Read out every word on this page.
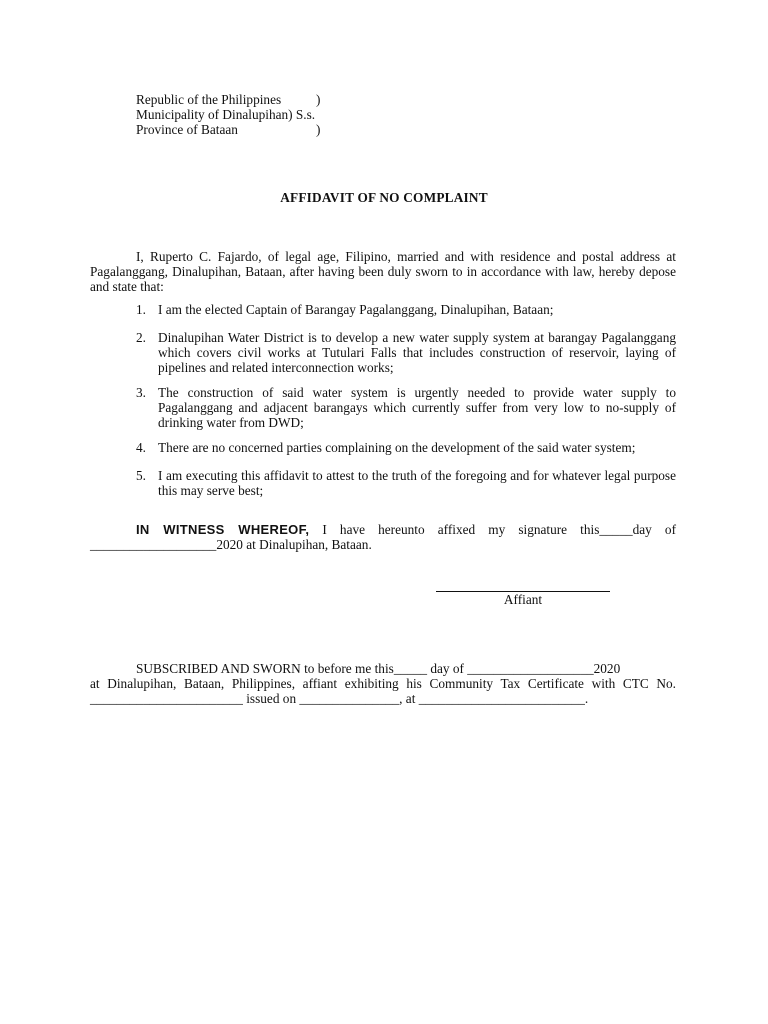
Republic of the Philippines	)
Municipality of Dinalupihan) S.s.
Province of Bataan	)
AFFIDAVIT OF NO COMPLAINT
I, Ruperto C. Fajardo, of legal age, Filipino, married and with residence and postal address at Pagalanggang, Dinalupihan, Bataan, after having been duly sworn to in accordance with law, hereby depose and state that:
1. I am the elected Captain of Barangay Pagalanggang, Dinalupihan, Bataan;
2. Dinalupihan Water District is to develop a new water supply system at barangay Pagalanggang which covers civil works at Tutulari Falls that includes construction of reservoir, laying of pipelines and related interconnection works;
3. The construction of said water system is urgently needed to provide water supply to Pagalanggang and adjacent barangays which currently suffer from very low to no-supply of drinking water from DWD;
4. There are no concerned parties complaining on the development of the said water system;
5. I am executing this affidavit to attest to the truth of the foregoing and for whatever legal purpose this may serve best;
IN WITNESS WHEREOF, I have hereunto affixed my signature this_____day of ___________________2020 at Dinalupihan, Bataan.
Affiant
SUBSCRIBED AND SWORN to before me this_____ day of ___________________2020
at Dinalupihan, Bataan, Philippines, affiant exhibiting his Community Tax Certificate with CTC No. _______________________ issued on _______________, at _________________________.
